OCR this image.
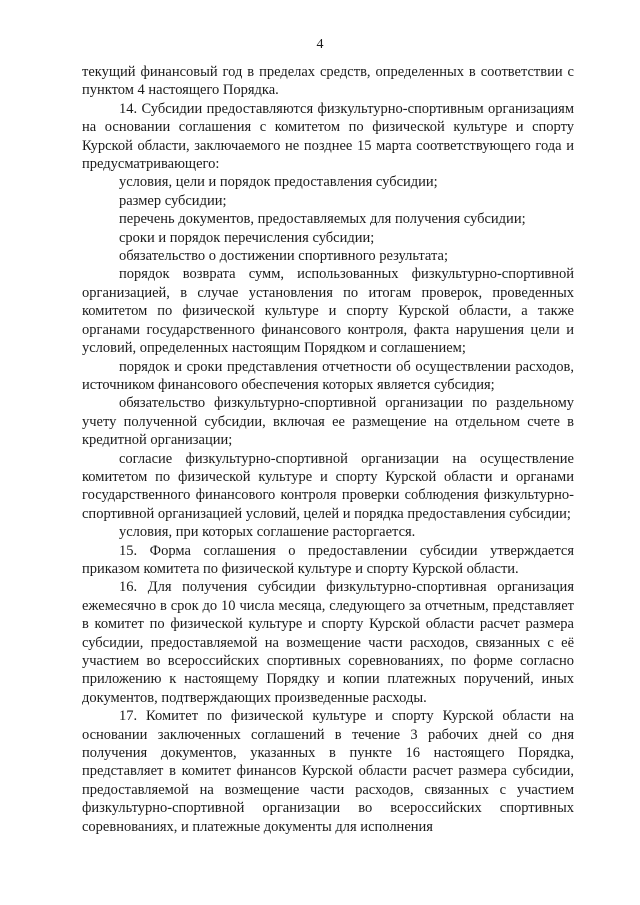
4

текущий финансовый год в пределах средств, определенных в соответствии с пунктом 4 настоящего Порядка.

14. Субсидии предоставляются физкультурно-спортивным организациям на основании соглашения с комитетом по физической культуре и спорту Курской области, заключаемого не позднее 15 марта соответствующего года и предусматривающего:

условия, цели и порядок предоставления субсидии;

размер субсидии;

перечень документов, предоставляемых для получения субсидии;

сроки и порядок перечисления субсидии;

обязательство о достижении спортивного результата;

порядок возврата сумм, использованных физкультурно-спортивной организацией, в случае установления по итогам проверок, проведенных комитетом по физической культуре и спорту Курской области, а также органами государственного финансового контроля, факта нарушения цели и условий, определенных настоящим Порядком и соглашением;

порядок и сроки представления отчетности об осуществлении расходов, источником финансового обеспечения которых является субсидия;

обязательство физкультурно-спортивной организации по раздельному учету полученной субсидии, включая ее размещение на отдельном счете в кредитной организации;

согласие физкультурно-спортивной организации на осуществление комитетом по физической культуре и спорту Курской области и органами государственного финансового контроля проверки соблюдения физкультурно-спортивной организацией условий, целей и порядка предоставления субсидии;

условия, при которых соглашение расторгается.

15. Форма соглашения о предоставлении субсидии утверждается приказом комитета по физической культуре и спорту Курской области.

16. Для получения субсидии физкультурно-спортивная организация ежемесячно в срок до 10 числа месяца, следующего за отчетным, представляет в комитет по физической культуре и спорту Курской области расчет размера субсидии, предоставляемой на возмещение части расходов, связанных с её участием во всероссийских спортивных соревнованиях, по форме согласно приложению к настоящему Порядку и копии платежных поручений, иных документов, подтверждающих произведенные расходы.

17. Комитет по физической культуре и спорту Курской области на основании заключенных соглашений в течение 3 рабочих дней со дня получения документов, указанных в пункте 16 настоящего Порядка, представляет в комитет финансов Курской области расчет размера субсидии, предоставляемой на возмещение части расходов, связанных с участием физкультурно-спортивной организации во всероссийских спортивных соревнованиях, и платежные документы для исполнения
